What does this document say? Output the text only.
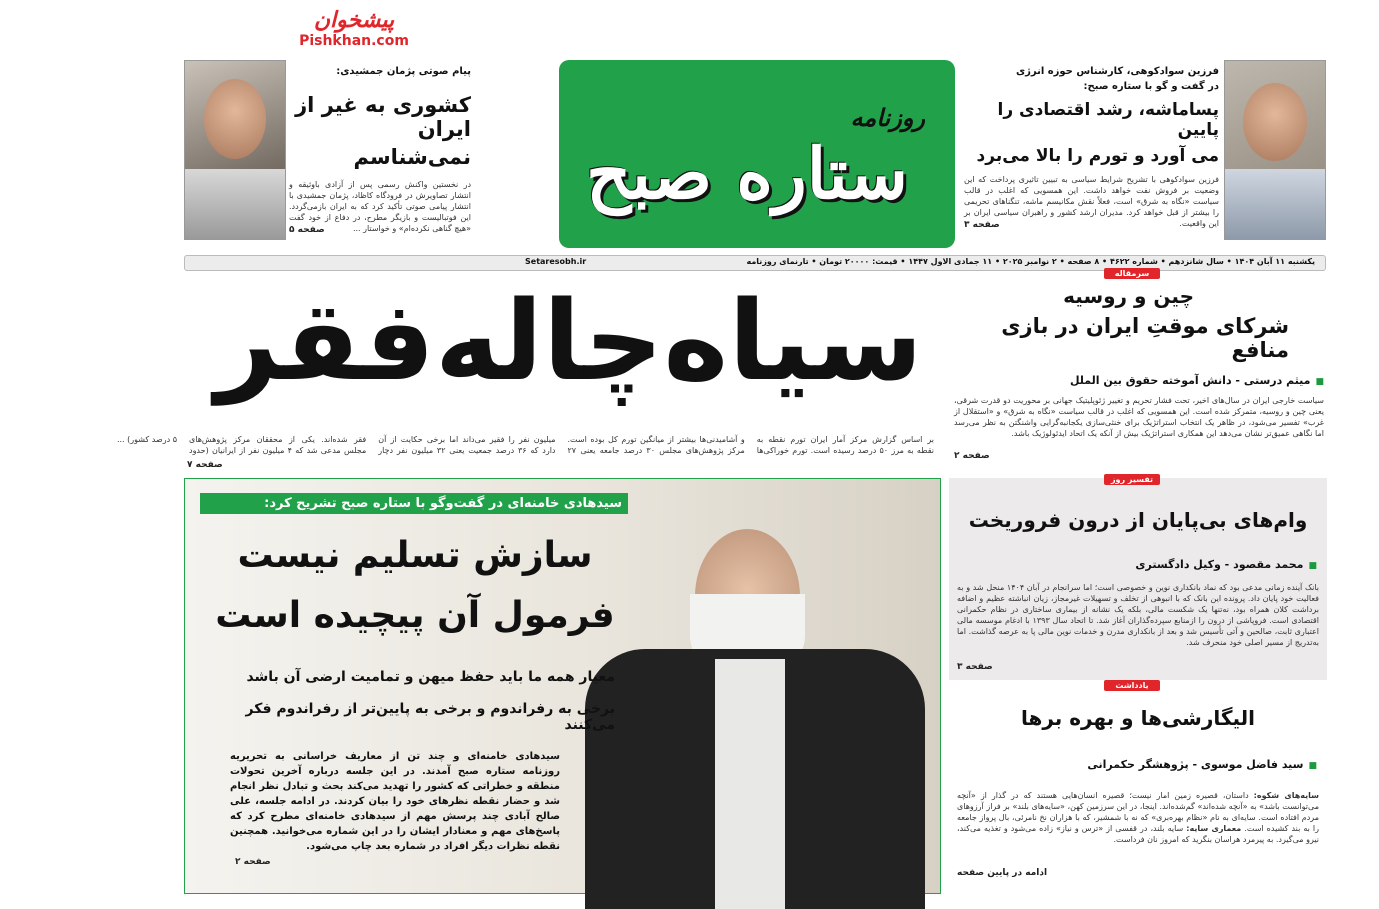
پیشخوان
Pishkhan.com
پیام صوتی پژمان جمشیدی:
کشوری به غیر از ایران
نمی‌شناسم
در نخستین واکنش رسمی پس از آزادی باوثیقه و انتشار تصاویرش در فرودگاه کاظاد، پژمان جمشیدی با انتشار پیامی صوتی تأکید کرد که به ایران بازمی‌گردد. این فوتبالیست و بازیگر مطرح، در دفاع از خود گفت «هیچ گناهی نکرده‌ام» و خواستار ...
صفحه ۵
روزنامه
ستاره صبح
فرزین سوادکوهی، کارشناس حوزه انرژی
در گفت و گو با ستاره صبح:
پساماشه، رشد اقتصادی را پایین
می آورد و تورم را بالا می‌برد
فرزین سوادکوهی با تشریح شرایط سیاسی به تبیین تاثیری پرداخت که این وضعیت بر فروش نفت خواهد داشت. این همسویی که اغلب در قالب سیاست «نگاه به شرق» است، فعلاً نقش مکانیسم ماشه، تنگناهای تحریمی را بیشتر از قبل خواهد کرد. مدیران ارشد کشور و راهبران سیاسی ایران بر این واقعیت.
صفحه ۳
یکشنبه ۱۱ آبان ۱۴۰۴ • سال شانزدهم • شماره ۴۶۲۲ • ۸ صفحه • ۲ نوامبر ۲۰۲۵ • ۱۱ جمادی الاول ۱۴۴۷ • قیمت: ۲۰۰۰۰ تومان • تارنمای روزنامه
Setaresobh.ir
سیاه‌چاله‌فقر
بر اساس گزارش مرکز آمار ایران تورم نقطه به نقطه به مرز ۵۰ درصد رسیده است. تورم خوراکی‌ها و آشامیدنی‌ها بیشتر از میانگین تورم کل بوده است. مرکز پژوهش‌های مجلس ۳۰ درصد جامعه یعنی ۲۷ میلیون نفر را فقیر می‌داند اما برخی حکایت از آن دارد که ۳۶ درصد جمعیت یعنی ۳۲ میلیون نفر دچار فقر شده‌اند. یکی از محققان مرکز پژوهش‌های مجلس مدعی شد که ۴ میلیون نفر از ایرانیان (حدود ۵ درصد کشور) ...
صفحه ۷
سرمقاله
چین و روسیه
شرکای موقتِ ایران در بازی منافع
■ میثم درستی - دانش آموخته حقوق بین الملل
سیاست خارجی ایران در سال‌های اخیر، تحت فشار تحریم و تغییر ژئوپلیتیک جهانی بر محوریت دو قدرت شرقی، یعنی چین و روسیه، متمرکز شده است. این همسویی که اغلب در قالب سیاست «نگاه به شرق» و «استقلال از غرب» تفسیر می‌شود، در ظاهر یک انتخاب استراتژیک برای خنثی‌سازی یکجانبه‌گرایی واشنگتن به نظر می‌رسد اما نگاهی عمیق‌تر نشان می‌دهد این همکاری استراتژیک بیش از آنکه یک اتحاد ایدئولوژیک باشد.
صفحه ۲
سیدهادی خامنه‌ای در گفت‌وگو با ستاره صبح تشریح کرد:
سازش تسلیم نیست
فرمول آن پیچیده است
معیار همه ما باید حفظ میهن و تمامیت ارضی آن باشد
برخی به رفراندوم و برخی به پایین‌تر از رفراندوم فکر می‌کنند
سیدهادی خامنه‌ای و چند تن از معاریف خراسانی به تحریریه روزنامه ستاره صبح آمدند. در این جلسه درباره آخرین تحولات منطقه و خطراتی که کشور را تهدید می‌کند بحث و تبادل نظر انجام شد و حضار نقطه نظرهای خود را بیان کردند. در ادامه جلسه، علی صالح آبادی چند پرسش مهم از سیدهادی خامنه‌ای مطرح کرد که پاسخ‌های مهم و معنادار ایشان را در این شماره می‌خوانید. همچنین نقطه نظرات دیگر افراد در شماره بعد چاپ می‌شود.
صفحه ۲
تفسیر روز
وام‌های بی‌پایان از درون فروریخت
■ محمد مقصود - وکیل دادگستری
بانک آینده زمانی مدعی بود که نماد بانکداری نوین و خصوصی است؛ اما سرانجام در آبان ۱۴۰۴ منحل شد و به فعالیت خود پایان داد. پرونده این بانک که با انبوهی از تخلف و تسهیلات غیرمجاز، زیان انباشته عظیم و اضافه برداشت کلان همراه بود، نه‌تنها یک شکست مالی، بلکه یک نشانه از بیماری ساختاری در نظام حکمرانی اقتصادی است. فروپاشی از درون را ازمنابع سپرده‌گذاران آغاز شد. تا اتحاد سال ۱۳۹۳ با ادغام موسسه مالی اعتباری ثابت، صالحین و آتی تأسیس شد و بعد از بانکداری مدرن و خدمات نوین مالی پا به عرصه گذاشت. اما به‌تدریج از مسیر اصلی خود منحرف شد.
صفحه ۳
یادداشت
الیگارشی‌ها و بهره برها
■ سید فاضل موسوی - پژوهشگر حکمرانی
سایه‌های شکوه: داستان، قصیره زمین امار نیست؛ قصیره انسان‌هایی هستند که در گذار از «آنچه می‌توانست باشد» به «آنچه شده‌اند» گم‌شده‌اند. اینجا، در این سرزمین کهن، «سایه‌های بلند» بر فراز آرزوهای مردم افتاده است. سایه‌ای به نام «نظام بهره‌بری» که نه با شمشیر، که با هزاران نخ نامرئی، بال پرواز جامعه را به بند کشیده است. معماری سایه: سایه بلند، در قفسی از «ترس و نیاز» زاده می‌شود و تغذیه می‌کند، نیرو می‌گیرد. به پیرمرد هراسان بنگرید که امروز نان فرداست.
ادامه در پایین صفحه
